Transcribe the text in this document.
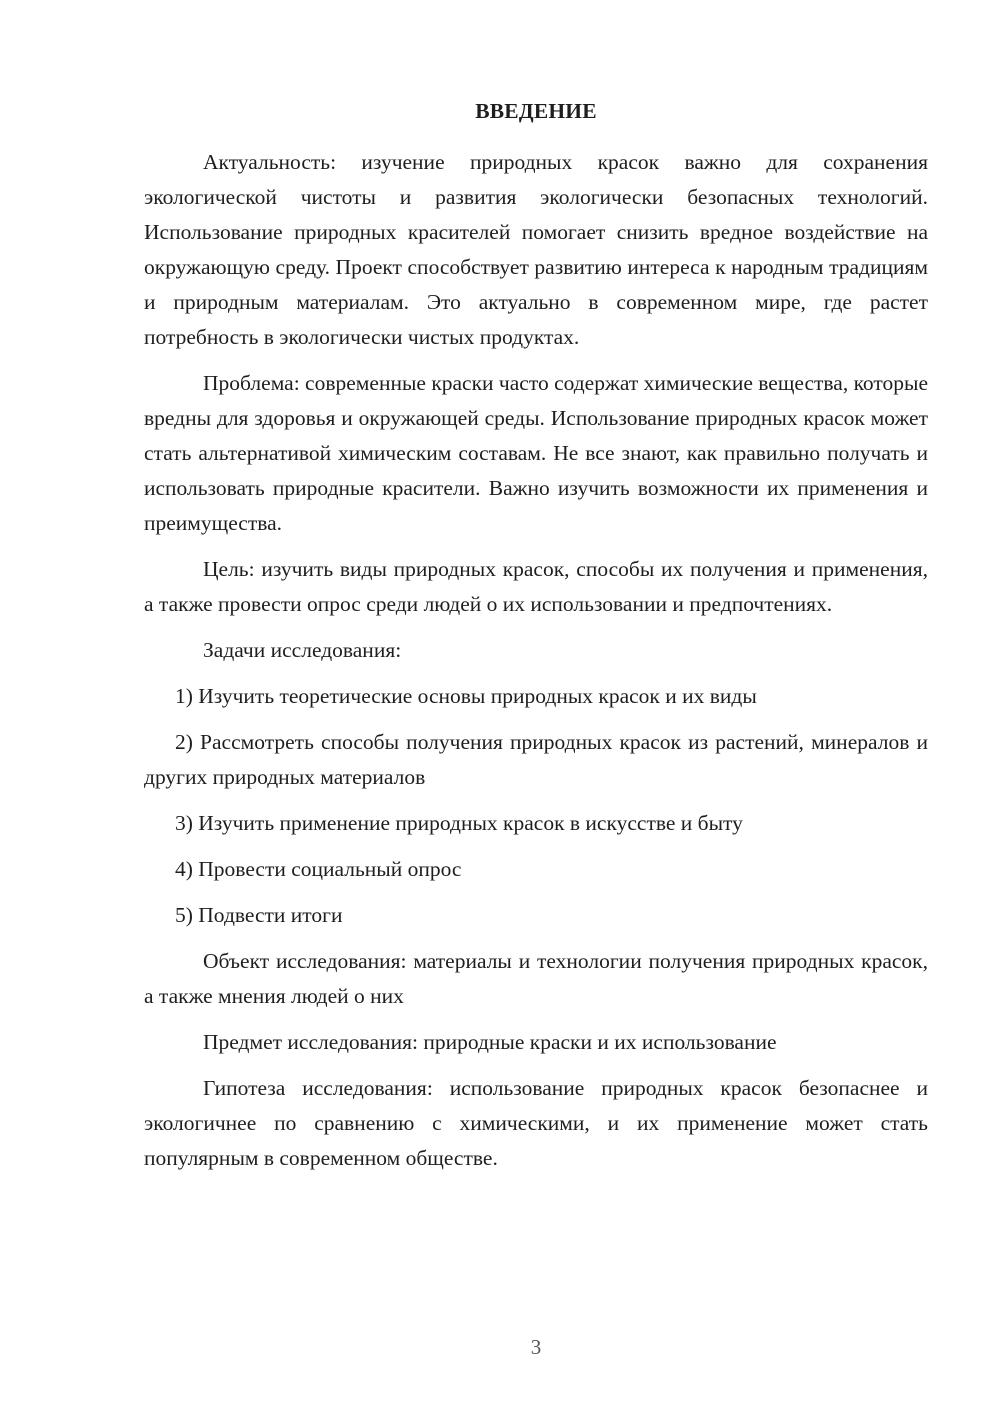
ВВЕДЕНИЕ

Актуальность: изучение природных красок важно для сохранения экологической чистоты и развития экологически безопасных технологий. Использование природных красителей помогает снизить вредное воздействие на окружающую среду. Проект способствует развитию интереса к народным традициям и природным материалам. Это актуально в современном мире, где растет потребность в экологически чистых продуктах.

Проблема: современные краски часто содержат химические вещества, которые вредны для здоровья и окружающей среды. Использование природных красок может стать альтернативой химическим составам. Не все знают, как правильно получать и использовать природные красители. Важно изучить возможности их применения и преимущества.

Цель: изучить виды природных красок, способы их получения и применения, а также провести опрос среди людей о их использовании и предпочтениях.

Задачи исследования:

1) Изучить теоретические основы природных красок и их виды

2) Рассмотреть способы получения природных красок из растений, минералов и других природных материалов

3) Изучить применение природных красок в искусстве и быту

4) Провести социальный опрос

5) Подвести итоги

Объект исследования: материалы и технологии получения природных красок, а также мнения людей о них

Предмет исследования: природные краски и их использование

Гипотеза исследования: использование природных красок безопаснее и экологичнее по сравнению с химическими, и их применение может стать популярным в современном обществе.

3
